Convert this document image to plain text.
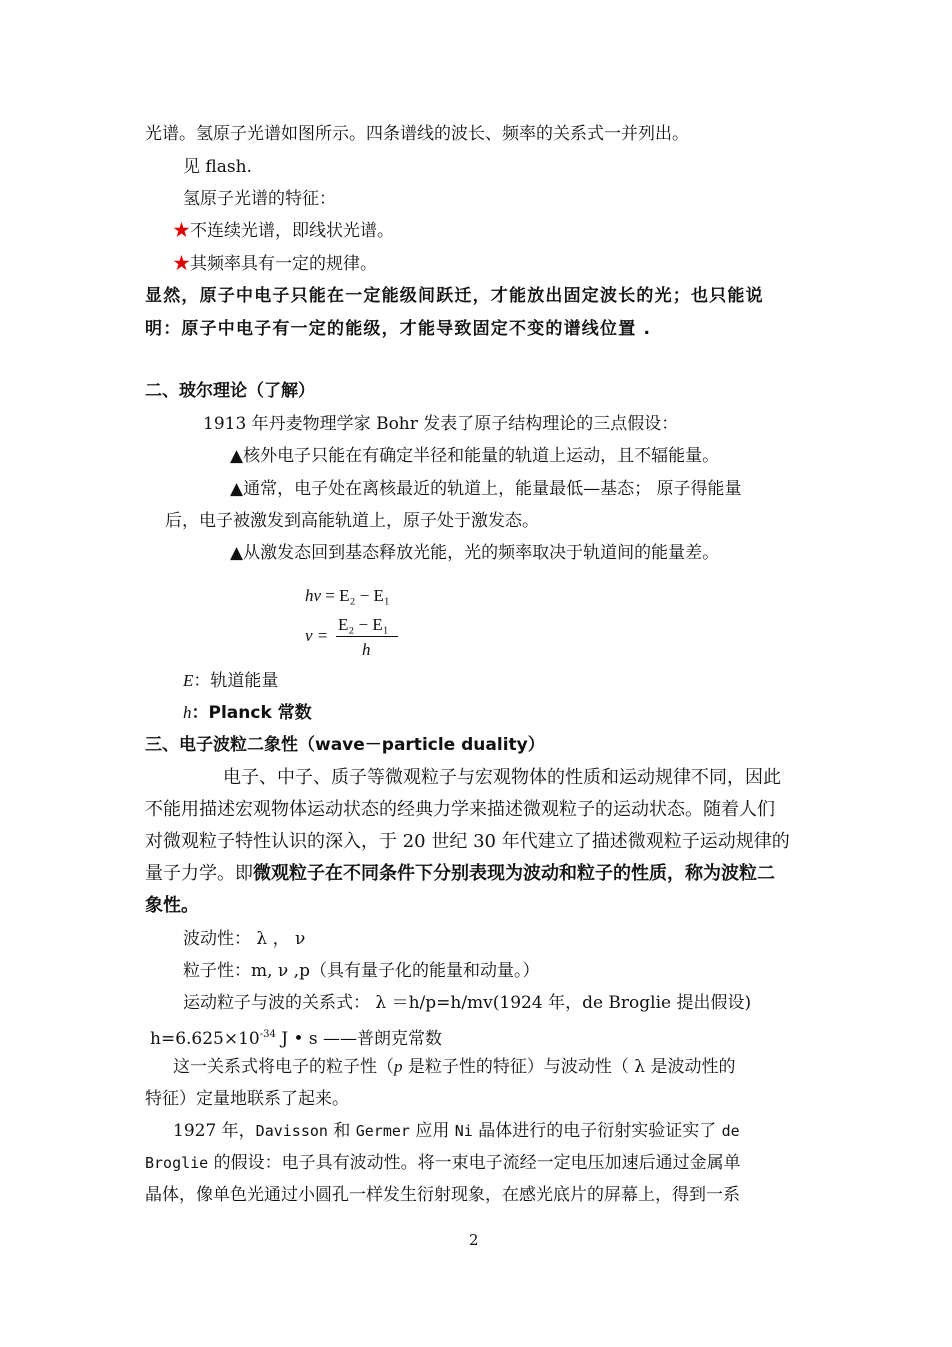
光谱。氢原子光谱如图所示。四条谱线的波长、频率的关系式一并列出。
见 flash.
氢原子光谱的特征：
★不连续光谱，即线状光谱。
★其频率具有一定的规律。
显然，原子中电子只能在一定能级间跃迁，才能放出固定波长的光；也只能说
明：原子中电子有一定的能级，才能导致固定不变的谱线位置 .
二、玻尔理论（了解）
1913 年丹麦物理学家 Bohr 发表了原子结构理论的三点假设：
▲核外电子只能在有确定半径和能量的轨道上运动，且不辐能量。
▲通常，电子处在离核最近的轨道上，能量最低—基态； 原子得能量
后，电子被激发到高能轨道上，原子处于激发态。
▲从激发态回到基态释放光能，光的频率取决于轨道间的能量差。
hν = E₂ − E₁
ν =
E₂ − E₁
h
E：轨道能量
h：Planck 常数
三、电子波粒二象性（wave－particle duality）
电子、中子、质子等微观粒子与宏观物体的性质和运动规律不同，因此
不能用描述宏观物体运动状态的经典力学来描述微观粒子的运动状态。随着人们
对微观粒子特性认识的深入，于 20 世纪 30 年代建立了描述微观粒子运动规律的
量子力学。即微观粒子在不同条件下分别表现为波动和粒子的性质，称为波粒二
象性。
波动性： λ ， ν
粒子性：m, ν ,p（具有量子化的能量和动量。）
运动粒子与波的关系式： λ ＝h/p=h/mv(1924 年，de Broglie 提出假设)
$h=6.625\times 10^{-34}$ J • s ——普朗克常数
这一关系式将电子的粒子性（p 是粒子性的特征）与波动性（ λ 是波动性的
特征）定量地联系了起来。
1927 年，Davisson 和 Germer 应用 Ni 晶体进行的电子衍射实验证实了 de
Broglie 的假设：电子具有波动性。将一束电子流经一定电压加速后通过金属单
晶体，像单色光通过小圆孔一样发生衍射现象，在感光底片的屏幕上，得到一系
2
